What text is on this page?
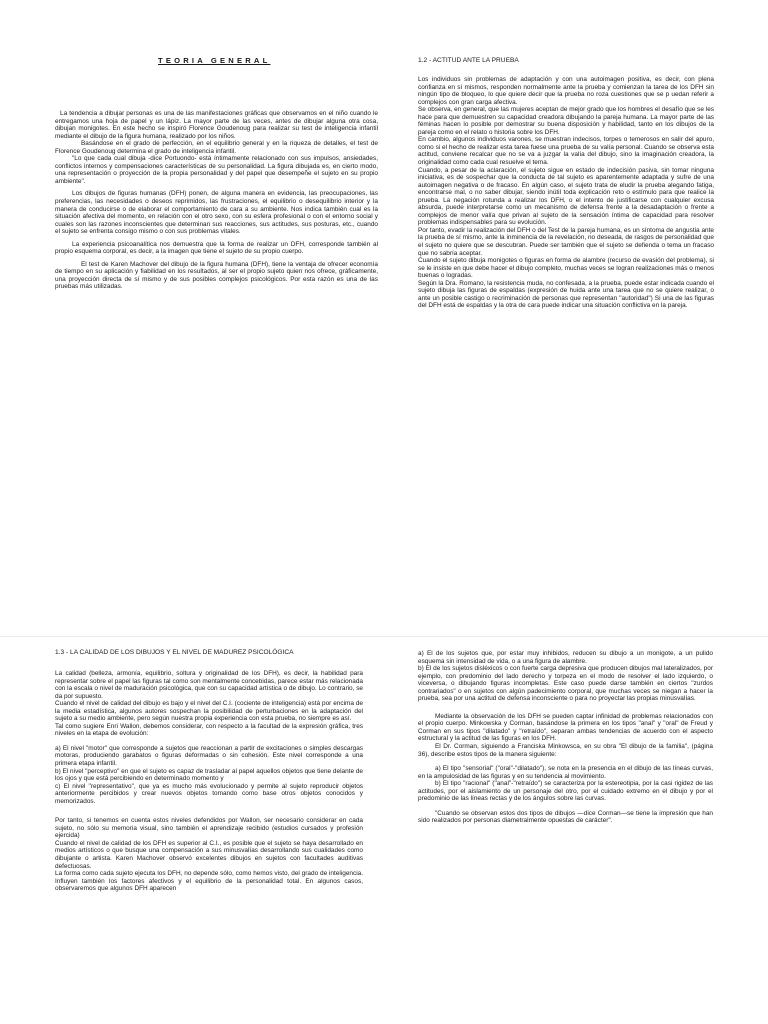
TEORIA GENERAL

La tendencia a dibujar personas es una de las manifestaciones gráficas que observamos en el niño cuando le entregamos una hoja de papel y un lápiz. La mayor parte de las veces, antes de dibujar alguna otra cosa, dibujan monigotes. En este hecho se inspiró Florence Goudenoug para realizar su test de inteligencia infantil mediante el dibujo de la figura humana, realizado por los niños.

Basándose en el grado de perfección, en el equilibrio general y en la riqueza de detalles, el test de Florence Goudenoug determina el grado de inteligencia infantil.

"Lo que cada cual dibuja -dice Portuondo- está íntimamente relacionado con sus impulsos, ansiedades, conflictos internos y compensaciones características de su personalidad. La figura dibujada es, en cierto modo, una representación o proyección de la propia personalidad y del papel que desempeñe el sujeto en su propio ambiente".

Los dibujos de figuras humanas (DFH) ponen, de alguna manera en evidencia, las preocupaciones, las preferencias, las necesidades o deseos reprimidos, las frustraciones, el equilibrio o desequilibrio interior y la manera de conducirse o de elaborar el comportamiento de cara a su ambiente. Nos indica también cual es la situación afectiva del momento, en relación con el otro sexo, con su esfera profesional o con el entorno social y cuales son las razones inconscientes que determinan sus reacciones, sus actitudes, sus posturas, etc., cuando el sujeto se enfrenta consigo mismo o con sus problemas vitales.

La experiencia psicoanalítica nos demuestra que la forma de realizar un DFH, corresponde también al propio esquema corporal, es decir, a la imagen que tiene el sujeto de su propio cuerpo.

El test de Karen Machover del dibujo de la figura humana (DFH), tiene la ventaja de ofrecer economía de tiempo en su aplicación y fiabilidad en los resultados, al ser el propio sujeto quien nos ofrece, gráficamente, una proyección directa de sí mismo y de sus posibles complejos psicológicos. Por esta razón es una de las pruebas más utilizadas.

1.2 - ACTITUD ANTE LA PRUEBA

Los individuos sin problemas de adaptación y con una autoimagen positiva, es decir, con plena confianza en sí mismos, responden normalmente ante la prueba y comienzan la tarea de los DFH sin ningún tipo de bloqueo, lo que quiere decir que la prueba no roza cuestiones que se p uedan referir a complejos con gran carga afectiva.

Se observa, en general, que las mujeres aceptan de mejor grado que los hombres el desafío que se les hace para que demuestren su capacidad creadora dibujando la pareja humana. La mayor parte de las féminas hacen lo posible por demostrar su buena disposición y habilidad, tanto en los dibujos de la pareja como en el relato o historia sobre los DFH.

En cambio, algunos individuos varones, se muestran indecisos, torpes o temerosos en salir del apuro, como si el hecho de realizar esta tarea fuese una prueba de su valía personal. Cuando se observa esta actitud, conviene recalcar que no se va a juzgar la valía del dibujo, sino la imaginación creadora, la originalidad como cada cual resuelve el tema.

Cuando, a pesar de la aclaración, el sujeto sigue en estado de indecisión pasiva, sin tomar ninguna iniciativa, es de sospechar que la conducta de tal sujeto es aparentemente adaptada y sufre de una autoimagen negativa o de fracaso. En algún caso, el sujeto trata de eludir la prueba alegando fatiga, encontrarse mal, o no saber dibujar, siendo inútil toda explicación reto o estímulo para que realice la prueba. La negación rotunda a realizar los DFH, o el intento de justificarse con cualquier excusa absurda, puede interpretarse como un mecanismo de defensa frente a la desadaptación o frente a complejos de menor valía que privan al sujeto de la sensación íntima de capacidad para resolver problemas indispensables para su evolución.

Por tanto, evadir la realización del DFH o del Test de la pareja humana, es un síntoma de angustia ante la prueba de sí mismo, ante la inminencia de la revelación, no deseada, de rasgos de personalidad que el sujeto no quiere que se descubran. Puede ser también que el sujeto se defienda o tema un fracaso que no sabría aceptar.

Cuando el sujeto dibuja monigotes o figuras en forma de alambre (recurso de evasión del problema), si se le insiste en que debe hacer el dibujo completo, muchas veces se logran realizaciones más o menos buenas o logradas.

Según la Dra. Romano, la resistencia muda, no confesada, a la prueba, puede estar indicada cuando el sujeto dibuja las figuras de espaldas (expresión de huida ante una tarea que no se quiere realizar, o ante un posible castigo o recriminación de personas que representan "autoridad") Si una de las figuras del DFH está de espaldas y la otra de cara puede indicar una situación conflictiva en la pareja.

1.3 - LA CALIDAD DE LOS DIBUJOS Y EL NIVEL DE MADUREZ PSICOLÓGICA

La calidad (belleza, armonía, equilibrio, soltura y originalidad de los DFH), es decir, la habilidad para representar sobre el papel las figuras tal como son mentalmente concebidas, parece estar más relacionada con la escala o nivel de maduración psicológica, que con su capacidad artística o de dibujo. Lo contrario, se da por supuesto.

Cuando el nivel de calidad del dibujo es bajo y el nivel del C.I. (cociente de inteligencia) está por encima de la media estadística, algunos autores sospechan la posibilidad de perturbaciones en la adaptación del sujeto a su medio ambiente, pero según nuestra propia experiencia con esta prueba, no siempre es así.

Tal como sugiere Enri Wallon, debemos considerar, con respecto a la facultad de la expresión gráfica, tres niveles en la etapa de evolución:

a) El nivel "motor" que corresponde a sujetos que reaccionan a partir de excitaciones o simples descargas motoras, produciendo garabatos o figuras deformadas o sin cohesión. Este nivel corresponde a una primera etapa infantil.

b) El nivel "perceptivo" en que el sujeto es capaz de trasladar al papel aquellos objetos que tiene delante de los ojos y que está percibiendo en determinado momento y

c) El nivel "representativo", que ya es mucho más evolucionado y permite al sujeto reproducir objetos anteriormente percibidos y crear nuevos objetos tomando como base otros objetos conocidos y memorizados.

Por tanto, si tenemos en cuenta estos niveles defendidos por Wallon, ser necesario considerar en cada sujeto, no sólo su memoria visual, sino también el aprendizaje recibido (estudios cursados y profesión ejercida)

Cuando el nivel de calidad de los DFH es superior al C.I., es posible que el sujeto se haya desarrollado en medios artísticos o que busque una compensación a sus minusvalías desarrollando sus cualidades como dibujante o artista. Karen Machover observó excelentes dibujos en sujetos con facultades auditivas defectuosas.

La forma como cada sujeto ejecuta los DFH, no depende sólo, como hemos visto, del grado de inteligencia. Influyen también los factores afectivos y el equilibrio de la personalidad total. En algunos casos, observaremos que algunos DFH aparecen

a) El de los sujetos que, por estar muy inhibidos, reducen su dibujo a un monigote, a un pulido esquema sin intensidad de vida, o a una figura de alambre.

b) El de los sujetos disléxicos o con fuerte carga depresiva que producen dibujos mal lateralizados, por ejemplo, con predominio del lado derecho y torpeza en el modo de resolver el lado izquierdo, o viceversa, o dibujando figuras incompletas. Este caso puede darse también en ciertos "zurdos contrariados" o en sujetos con algún padecimiento corporal, que muchas veces se niegan a hacer la prueba, sea por una actitud de defensa inconsciente o para no proyectar las propias minusvalías.

Mediante la observación de los DFH se pueden captar infinidad de problemas relacionados con el propio cuerpo. Minkowska y Corman, basándose la primera en los tipos "anal" y "oral" de Freud y Corman en sus tipos "dilatado" y "retraído", separan ambas tendencias de acuerdo con el aspecto estructural y la actitud de las figuras en los DFH.

El Dr. Corman, siguiendo a Franciska Minkowsca, en su obra "El dibujo de la familia", (página 36), describe estos tipos de la manera siguiente:

a) El tipo "sensorial" ("oral"-"dilatado"), se nota en la presencia en el dibujo de las líneas curvas, en la ampulosidad de las figuras y en su tendencia al movimiento.

b) El tipo "racional" ("anal"-"retraído") se caracteriza por la estereotipia, por la casi rigidez de las actitudes, por el aislamiento de un personaje del otro, por el cuidado extremo en el dibujo y por el predominio de las líneas rectas y de los ángulos sobre las curvas.

"Cuando se observan estos dos tipos de dibujos —dice Corman—se tiene la impresión que han sido realizados por personas diametralmente opuestas de carácter".
